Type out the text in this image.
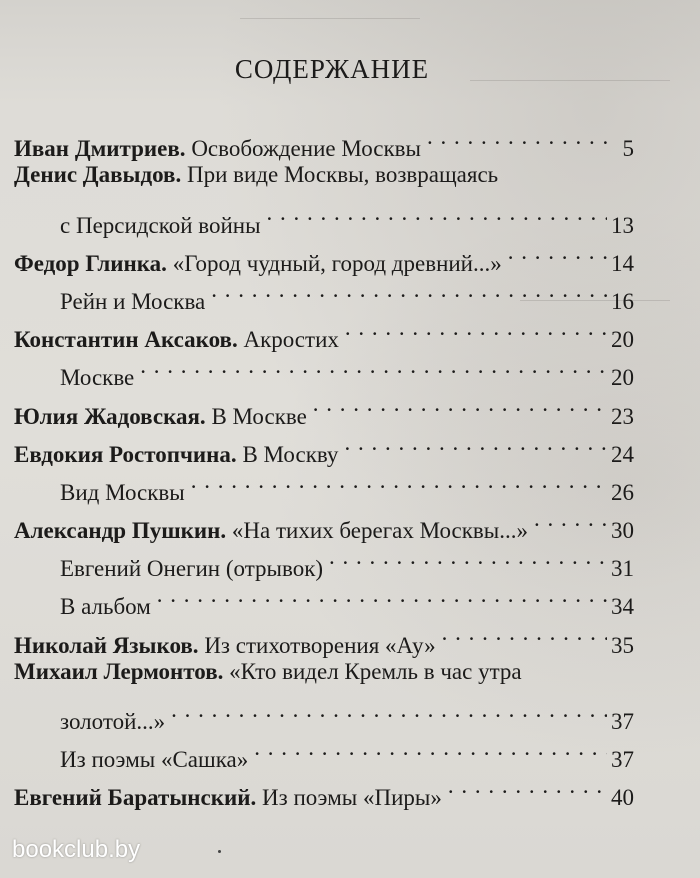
СОДЕРЖАНИЕ
Иван Дмитриев.
Освобождение Москвы . . .	5
Денис Давыдов.
При виде Москвы, возвращаясь
с Персидской войны . . .	13
Федор Глинка.
«Город чудный, город древний...» . . .	14
Рейн и Москва . . .	16
Константин Аксаков.
Акростих . . .	20
Москве . . .	20
Юлия Жадовская.
В Москве . . .	23
Евдокия Ростопчина.
В Москву . . .	24
Вид Москвы . . .	26
Александр Пушкин.
«На тихих берегах Москвы...» . . .	30
Евгений Онегин (отрывок) . . .	31
В альбом . . .	34
Николай Языков.
Из стихотворения «Ау» . . .	35
Михаил Лермонтов.
«Кто видел Кремль в час утра
золотой...» . . .	37
Из поэмы «Сашка» . . .	37
Евгений Баратынский.
Из поэмы «Пиры» . . .	40
bookclub.by
